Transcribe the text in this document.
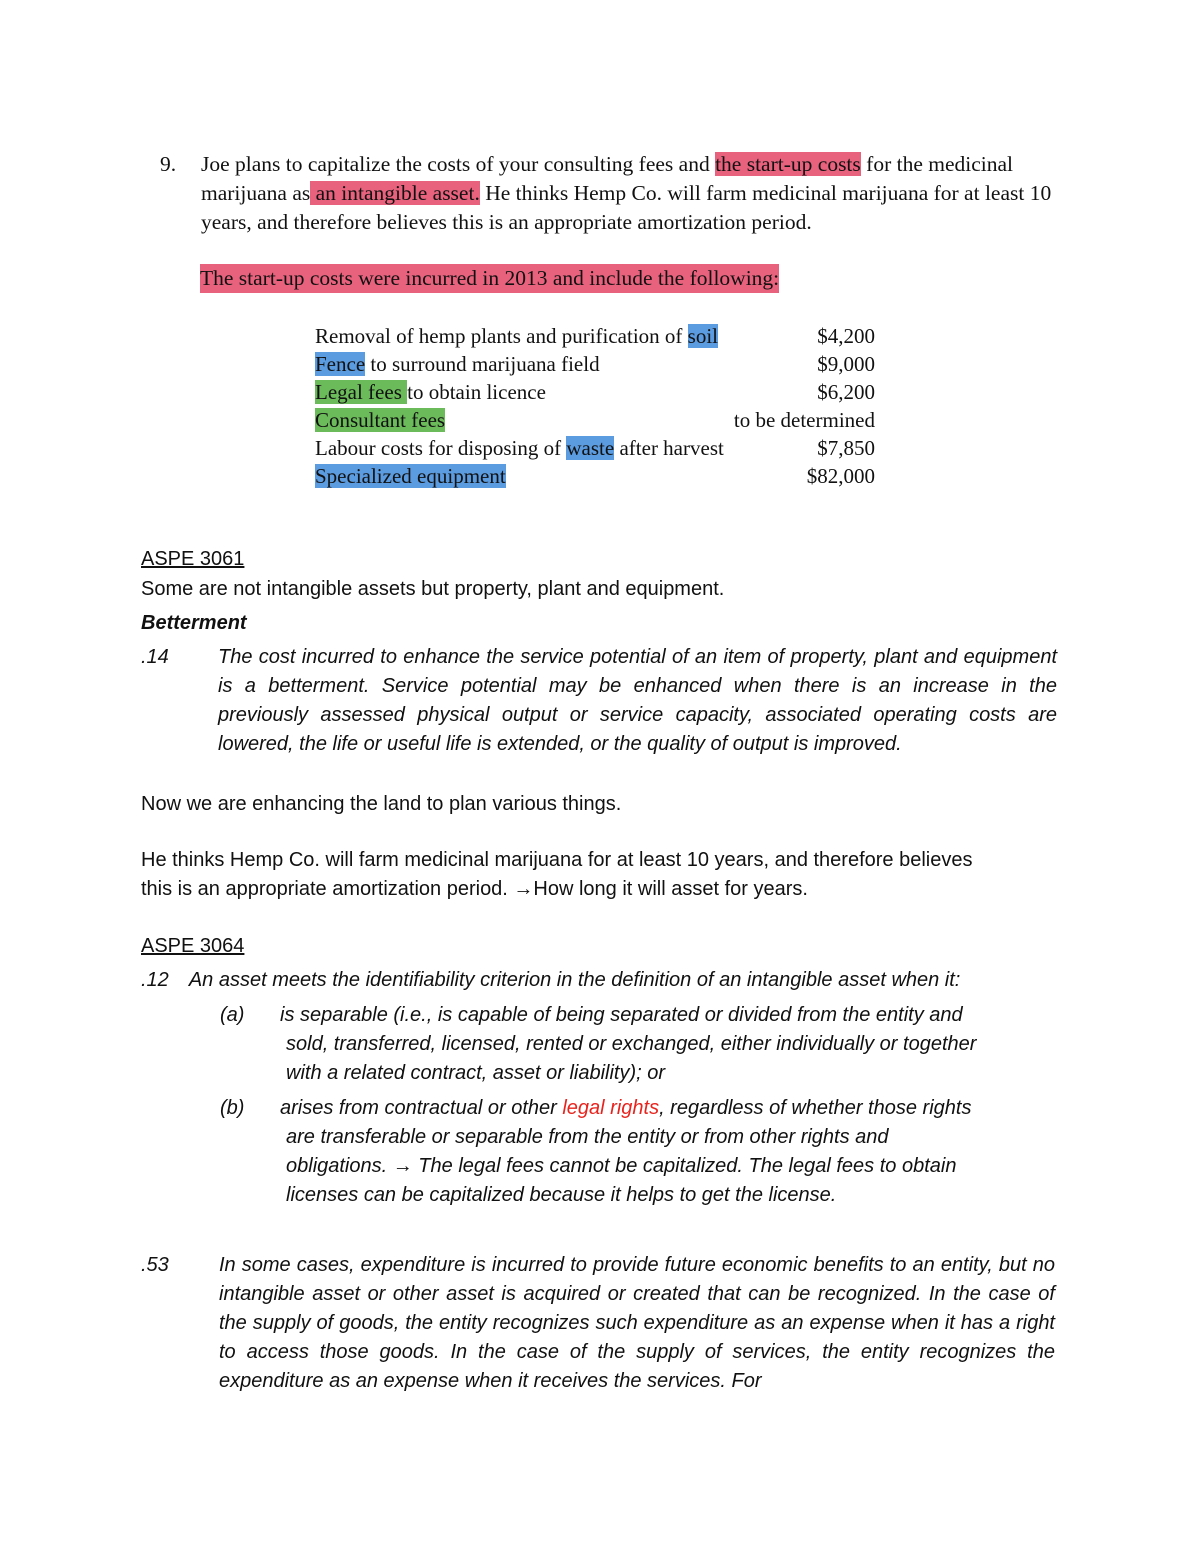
9. Joe plans to capitalize the costs of your consulting fees and the start-up costs for the medicinal
marijuana as an intangible asset. He thinks Hemp Co. will farm medicinal marijuana for at least 10
years, and therefore believes this is an appropriate amortization period.
The start-up costs were incurred in 2013 and include the following:
Removal of hemp plants and purification of soil	$4,200
Fence to surround marijuana field	$9,000
Legal fees to obtain licence	$6,200
Consultant fees	to be determined
Labour costs for disposing of waste after harvest	$7,850
Specialized equipment	$82,000
ASPE 3061
Some are not intangible assets but property, plant and equipment.
Betterment
.14 The cost incurred to enhance the service potential of an item of property, plant and equipment is a betterment. Service potential may be enhanced when there is an increase in the previously assessed physical output or service capacity, associated operating costs are lowered, the life or useful life is extended, or the quality of output is improved.
Now we are enhancing the land to plan various things.
He thinks Hemp Co. will farm medicinal marijuana for at least 10 years, and therefore believes
this is an appropriate amortization period. →How long it will asset for years.
ASPE 3064
.12 An asset meets the identifiability criterion in the definition of an intangible asset when it:
(a) is separable (i.e., is capable of being separated or divided from the entity and
sold, transferred, licensed, rented or exchanged, either individually or together
with a related contract, asset or liability); or
(b) arises from contractual or other legal rights, regardless of whether those rights
are transferable or separable from the entity or from other rights and
obligations. → The legal fees cannot be capitalized. The legal fees to obtain
licenses can be capitalized because it helps to get the license.
.53	In some cases, expenditure is incurred to provide future economic benefits to an entity, but no intangible asset or other asset is acquired or created that can be recognized. In the case of the supply of goods, the entity recognizes such expenditure as an expense when it has a right to access those goods. In the case of the supply of services, the entity recognizes the expenditure as an expense when it receives the services. For
